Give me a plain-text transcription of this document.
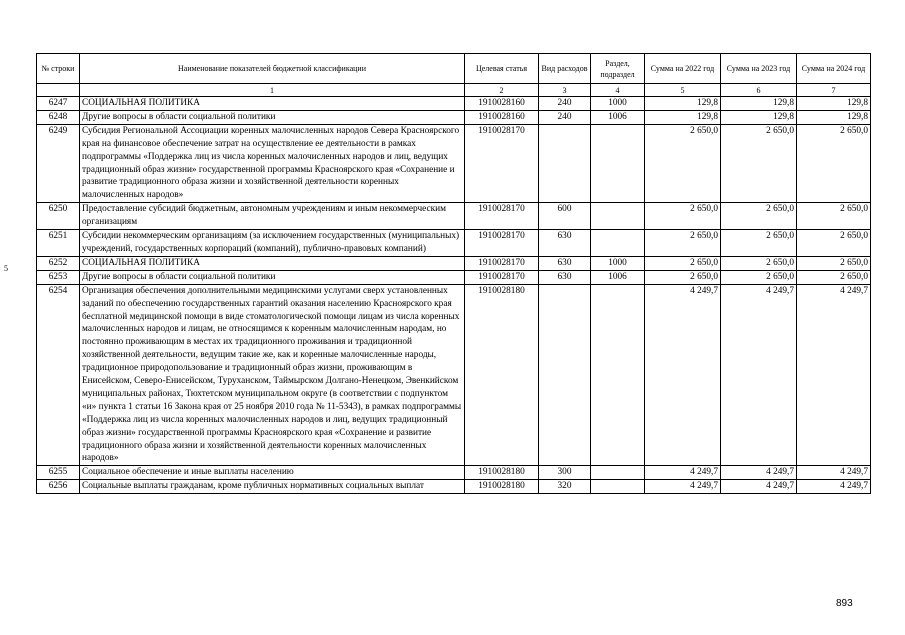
5
№ строки	Наименование показателей бюджетной классификации	Целевая статья	Вид расходов	Раздел, подраздел	Сумма на 2022 год	Сумма на 2023 год	Сумма на 2024 год
	1	2	3	4	5	6	7
6247	СОЦИАЛЬНАЯ ПОЛИТИКА	1910028160	240	1000	129,8	129,8	129,8
6248	Другие вопросы в области социальной политики	1910028160	240	1006	129,8	129,8	129,8
6249	Субсидия Региональной Ассоциации коренных малочисленных народов Севера Красноярского края на финансовое обеспечение затрат на осуществление ее деятельности в рамках подпрограммы «Поддержка лиц из числа коренных малочисленных народов и лиц, ведущих традиционный образ жизни» государственной программы Красноярского края «Сохранение и развитие традиционного образа жизни и хозяйственной деятельности коренных малочисленных народов»	1910028170			2 650,0	2 650,0	2 650,0
6250	Предоставление субсидий бюджетным, автономным учреждениям и иным некоммерческим организациям	1910028170	600		2 650,0	2 650,0	2 650,0
6251	Субсидии некоммерческим организациям (за исключением государственных (муниципальных) учреждений, государственных корпораций (компаний), публично-правовых компаний)	1910028170	630		2 650,0	2 650,0	2 650,0
6252	СОЦИАЛЬНАЯ ПОЛИТИКА	1910028170	630	1000	2 650,0	2 650,0	2 650,0
6253	Другие вопросы в области социальной политики	1910028170	630	1006	2 650,0	2 650,0	2 650,0
6254	Организация обеспечения дополнительными медицинскими услугами сверх установленных заданий по обеспечению государственных гарантий оказания населению Красноярского края бесплатной медицинской помощи в виде стоматологической помощи лицам из числа коренных малочисленных народов и лицам, не относящимся к коренным малочисленным народам, но постоянно проживающим в местах их традиционного проживания и традиционной хозяйственной деятельности, ведущим такие же, как и коренные малочисленные народы, традиционное природопользование и традиционный образ жизни, проживающим в Енисейском, Северо-Енисейском, Туруханском, Таймырском Долгано-Ненецком, Эвенкийском муниципальных районах, Тюхтетском муниципальном округе (в соответствии с подпунктом «и» пункта 1 статьи 16 Закона края от 25 ноября 2010 года № 11-5343), в рамках подпрограммы «Поддержка лиц из числа коренных малочисленных народов и лиц, ведущих традиционный образ жизни» государственной программы Красноярского края «Сохранение и развитие традиционного образа жизни и хозяйственной деятельности коренных малочисленных народов»	1910028180			4 249,7	4 249,7	4 249,7
6255	Социальное обеспечение и иные выплаты населению	1910028180	300		4 249,7	4 249,7	4 249,7
6256	Социальные выплаты гражданам, кроме публичных нормативных социальных выплат	1910028180	320		4 249,7	4 249,7	4 249,7
893
